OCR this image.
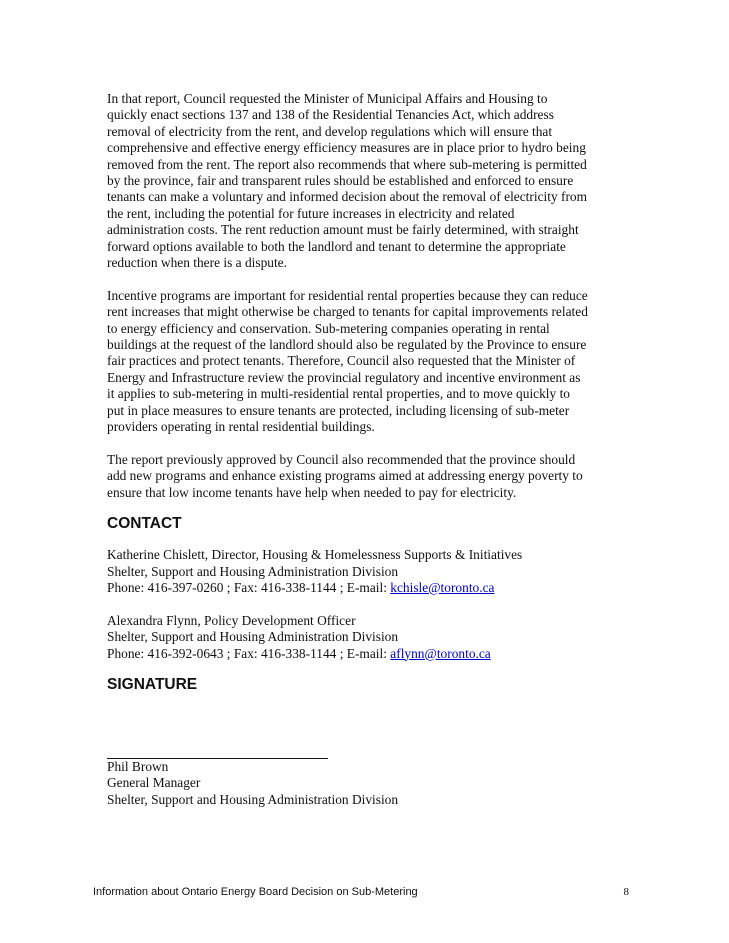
In that report, Council requested the Minister of Municipal Affairs and Housing to
quickly enact sections 137 and 138 of the Residential Tenancies Act, which address
removal of electricity from the rent, and develop regulations which will ensure that
comprehensive and effective energy efficiency measures are in place prior to hydro being
removed from the rent. The report also recommends that where sub-metering is permitted
by the province, fair and transparent rules should be established and enforced to ensure
tenants can make a voluntary and informed decision about the removal of electricity from
the rent, including the potential for future increases in electricity and related
administration costs. The rent reduction amount must be fairly determined, with straight
forward options available to both the landlord and tenant to determine the appropriate
reduction when there is a dispute.
Incentive programs are important for residential rental properties because they can reduce
rent increases that might otherwise be charged to tenants for capital improvements related
to energy efficiency and conservation. Sub-metering companies operating in rental
buildings at the request of the landlord should also be regulated by the Province to ensure
fair practices and protect tenants. Therefore, Council also requested that the Minister of
Energy and Infrastructure review the provincial regulatory and incentive environment as
it applies to sub-metering in multi-residential rental properties, and to move quickly to
put in place measures to ensure tenants are protected, including licensing of sub-meter
providers operating in rental residential buildings.
The report previously approved by Council also recommended that the province should
add new programs and enhance existing programs aimed at addressing energy poverty to
ensure that low income tenants have help when needed to pay for electricity.
CONTACT
Katherine Chislett, Director, Housing & Homelessness Supports & Initiatives
Shelter, Support and Housing Administration Division
Phone: 416-397-0260 ; Fax: 416-338-1144 ; E-mail: kchisle@toronto.ca
Alexandra Flynn, Policy Development Officer
Shelter, Support and Housing Administration Division
Phone: 416-392-0643 ; Fax: 416-338-1144 ; E-mail: aflynn@toronto.ca
SIGNATURE
Phil Brown
General Manager
Shelter, Support and Housing Administration Division
Information about Ontario Energy Board Decision on Sub-Metering	8
